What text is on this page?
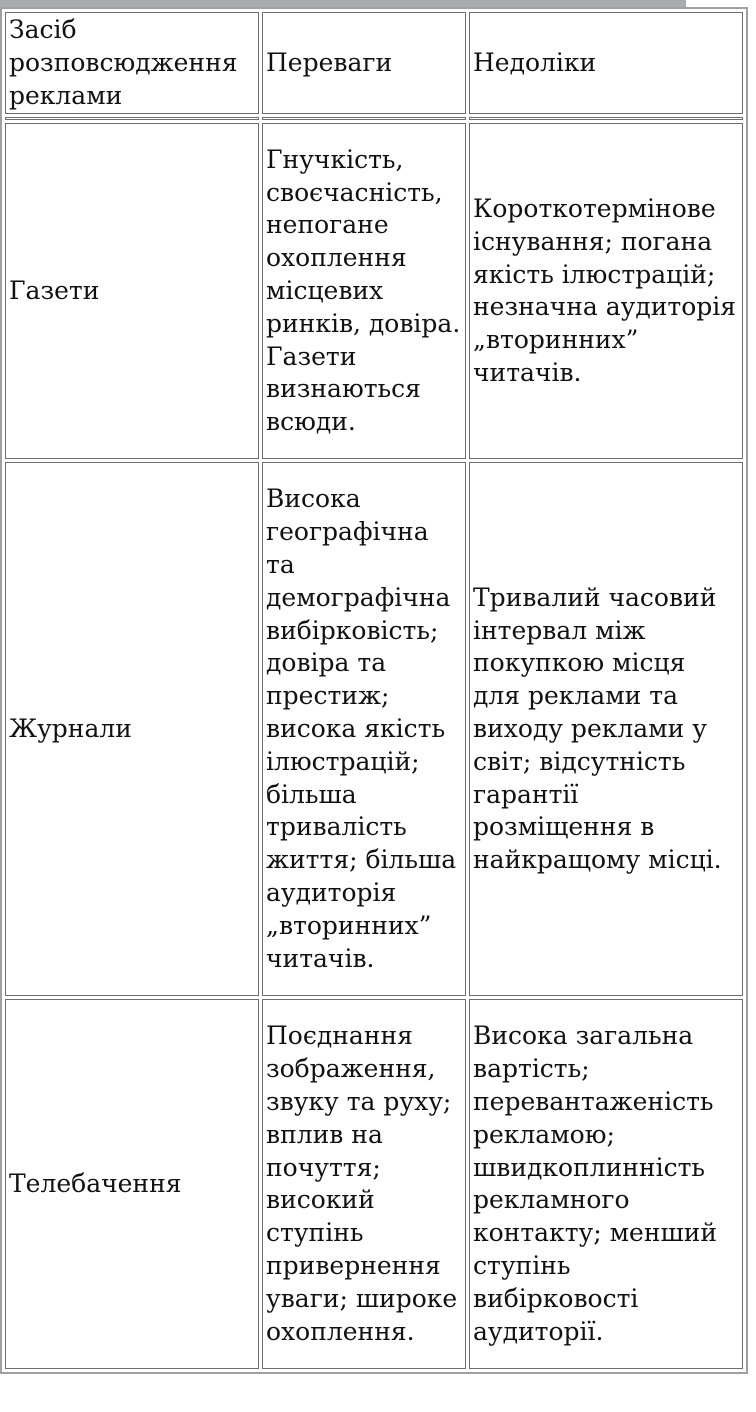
Засіб розповсюдження реклами	Переваги	Недоліки

Газети	Гнучкість, своєчасність, непогане охоплення місцевих ринків, довіра. Газети визнаються всюди.	Короткотермінове існування; погана якість ілюстрацій; незначна аудиторія „вторинних” читачів.

Журнали	Висока географічна та демографічна вибірковість; довіра та престиж; висока якість ілюстрацій; більша тривалість життя; більша аудиторія „вторинних” читачів.	Тривалий часовий інтервал між покупкою місця для реклами та виходу реклами у світ; відсутність гарантії розміщення в найкращому місці.

Телебачення	Поєднання зображення, звуку та руху; вплив на почуття; високий ступінь привернення уваги; широке охоплення.	Висока загальна вартість; перевантаженість рекламою; швидкоплинність рекламного контакту; менший ступінь вибірковості аудиторії.
